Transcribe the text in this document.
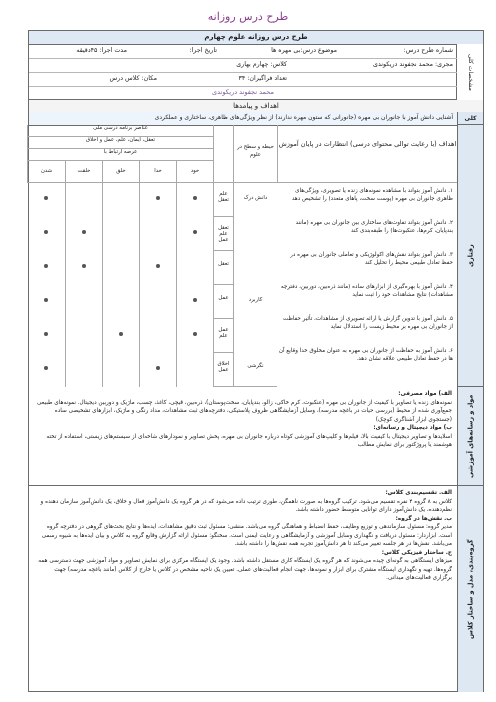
طرح درس روزانه
طرح درس روزانه علوم چهارم
مشخصات کلی
شماره طرح درس:
موضوع درس:بی مهره ها
تاریخ اجرا:
مدت اجرا: ۴۵دقیقه
مجری: محمد نجفوند دریکوندی
کلاس: چهارم بهاری
تعداد فراگیران: ۳۴
مکان: کلاس درس
محمد نجفوند دریکوندی
اهداف و پیامدها
کلی
آشنایی دانش آموز با جانوران بی مهره (جانورانی که ستون مهره ندارند) از نظر ویژگی‌های ظاهری، ساختاری و عملکردی
رفتاری
اهداف (با رعایت توالی محتوای درسی) انتظارات در پایان آموزش
حیطه و سطح در علوم
عناصر برنامه درسی ملی
تعقل، ایمان، علم، عمل و اخلاق
عرصه ارتباط با
خود
خدا
خلق
خلقت
شدن
۱. دانش آموز بتواند با مشاهده نمونه‌های زنده یا تصویری، ویژگی‌های ظاهری جانوران بی مهره (پوست سخت، پاهای متعدد) را تشخیص دهد
۲. دانش آموز بتواند تفاوت‌های ساختاری بین جانوران بی مهره (مانند بندپایان، کرم‌ها، عنکبوت‌ها) را طبقه‌بندی کند
۳. دانش آموز بتواند نقش‌های اکولوژیکی و تعاملی جانوران بی مهره در حفظ تعادل طبیعی محیط را تحلیل کند
۴. دانش آموز با بهره‌گیری از ابزارهای ساده (مانند ذره‌بین، دوربین، دفترچه مشاهدات) نتایج مشاهدات خود را ثبت نماید
۵. دانش آموز با تدوین گزارش یا ارائه تصویری از مشاهدات، تأثیر حفاظت از جانوران بی مهره بر محیط زیست را استدلال نماید
۶. دانش آموز به حفاظت از جانوران بی مهره به عنوان مخلوق خدا وقایع آن ها در حفظ تعادل طبیعی علاقه نشان دهد.
دانش درک
کاربرد
نگرشی
علم تعقل
تعقل علم عمل
تعقل
عمل
عمل علم
اخلاق عمل
مواد و رسانه‌های آموزشی
الف) مواد مصرفی:
نمونه‌های زنده یا تصاویر با کیفیت از جانوران بی مهره (عنکبوت، کرم خاکی، زالو، بندپایان، سخت‌پوستان)، ذره‌بین، قیچی، کاغذ، چسب، ماژیک و دوربین دیجیتال. نمونه‌های طبیعی جمع‌آوری شده از محیط (بررسی حیات در باغچه مدرسه)، وسایل آزمایشگاهی ظروف پلاستیکی، دفترچه‌های ثبت مشاهدات، مداد رنگی و ماژیک، ابزارهای تشخیصی ساده (جستجوی ابزار آشنا‌گری کوچک)
ب) مواد دیجیتال و رسانه‌ای:
اسلایدها و تصاویر دیجیتال با کیفیت بالا، فیلم‌ها و کلیپ‌های آموزشی کوتاه درباره جانوران بی مهره، پخش تصاویر و نمودارهای شاخه‌ای از سیستم‌های زیستی، استفاده از تخته هوشمند یا پروژکتور برای نمایش مطالب
گروه‌بندی، مدل و ساختار کلاس
الف. تقسیم‌بندی کلاس:
کلاس به ۸ گروه ۴ نفره تقسیم می‌شود. ترکیب گروه‌ها به صورت ناهمگن، طوری ترتیب داده می‌شود که در هر گروه یک دانش‌آموز فعال و خلاق، یک دانش‌آموز سازمان دهنده و نظم‌دهنده، یک دانش‌آموز دارای توانایی متوسط حضور داشته باشد.
ب. نقش‌ها در گروه:
مدیر گروه: مسئول سازماندهی و توزیع وظایف، حفظ انضباط و هماهنگی گروه می‌باشد. منشی: مسئول ثبت دقیق مشاهدات، ایده‌ها و نتایج بحث‌های گروهی در دفترچه گروه است. ابزاردار: مسئول دریافت و نگهداری وسایل آموزشی و آزمایشگاهی و رعایت ایمنی است. سخنگو: مسئول ارائه گزارش وقایع گروه به کلاس و بیان ایده‌ها به شیوه رسمی می‌باشد. نقش‌ها در هر جلسه تغییر می‌کند تا هر دانش‌آموز تجربه همه نقش‌ها را داشته باشد.
ج. ساختار فیزیکی کلاس:
میزهای ایستگاهی به گونه‌ای چیده می‌شوند که هر گروه یک ایستگاه کاری مستقل داشته باشد. وجود یک ایستگاه مرکزی برای نمایش تصاویر و مواد آموزشی جهت دسترسی همه گروه‌ها. تهیه و نگهداری ایستگاه مشترک برای ابزار و نمونه‌ها، جهت انجام فعالیت‌های عملی. تعیین یک ناحیه مشخص در کلاس یا خارج از کلاس (مانند باغچه مدرسه) جهت برگزاری فعالیت‌های میدانی.
